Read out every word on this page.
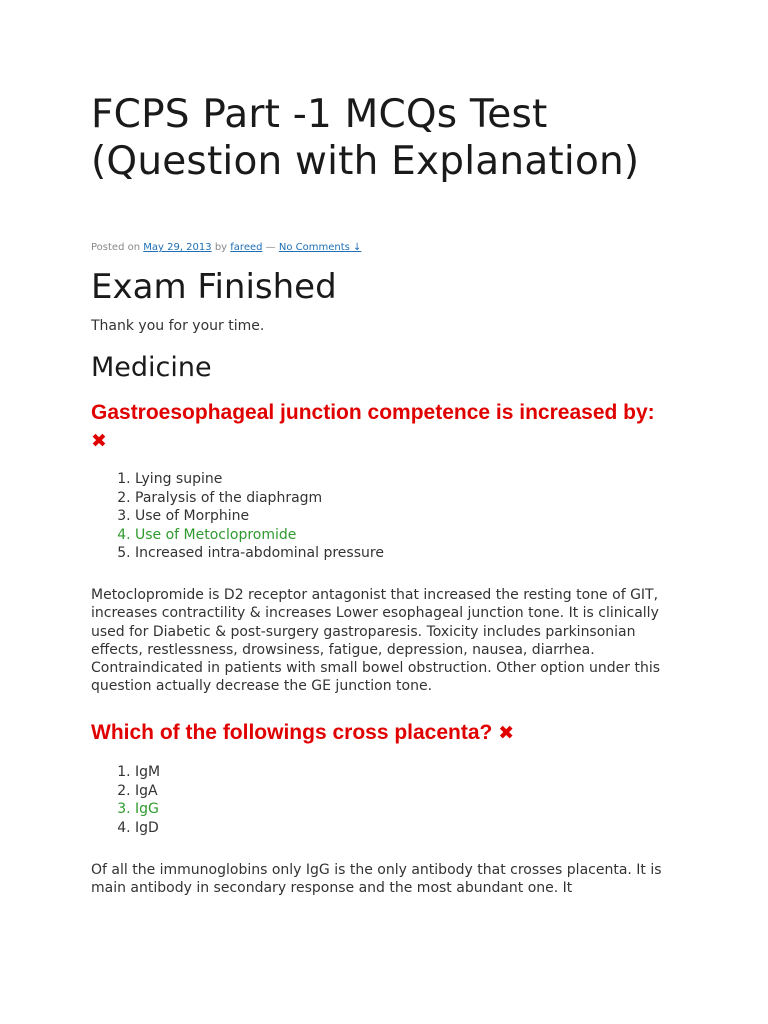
FCPS Part -1 MCQs Test (Question with Explanation)
Posted on May 29, 2013 by fareed — No Comments ↓
Exam Finished
Thank you for your time.
Medicine
Gastroesophageal junction competence is increased by: ✖
1. Lying supine
2. Paralysis of the diaphragm
3. Use of Morphine
4. Use of Metoclopromide
5. Increased intra-abdominal pressure

Metoclopromide is D2 receptor antagonist that increased the resting tone of GIT, increases contractility & increases Lower esophageal junction tone. It is clinically used for Diabetic & post-surgery gastroparesis. Toxicity includes parkinsonian effects, restlessness, drowsiness, fatigue, depression, nausea, diarrhea. Contraindicated in patients with small bowel obstruction. Other option under this question actually decrease the GE junction tone.

Which of the followings cross placenta? ✖
1. IgM
2. IgA
3. IgG
4. IgD

Of all the immunoglobins only IgG is the only antibody that crosses placenta. It is main antibody in secondary response and the most abundant one. It
